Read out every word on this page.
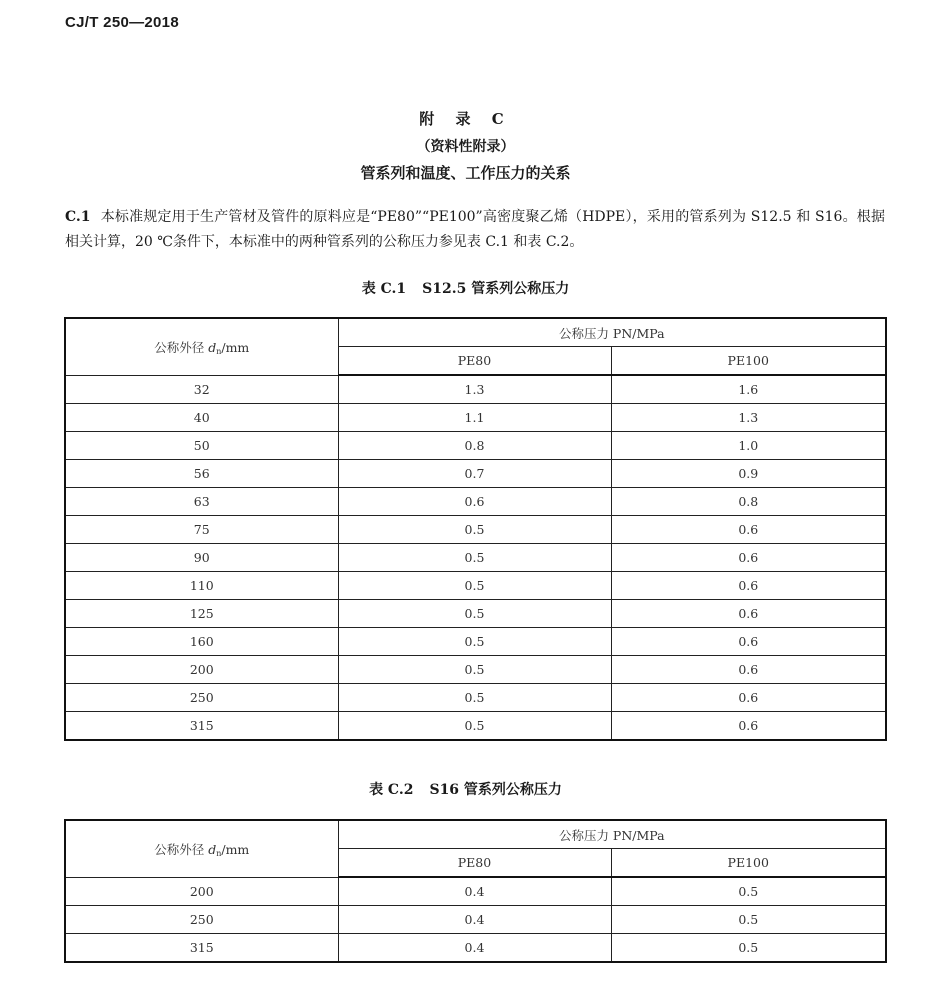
CJ/T 250—2018
附 录 C
（资料性附录）
管系列和温度、工作压力的关系
C.1 本标准规定用于生产管材及管件的原料应是“PE80”“PE100”高密度聚乙烯（HDPE），采用的管系列为 S12.5 和 S16。根据相关计算，20 ℃条件下，本标准中的两种管系列的公称压力参见表 C.1 和表 C.2。
表 C.1 S12.5 管系列公称压力
公称外径 dn/mm	公称压力 PN/MPa	
	PE80	PE100
32	1.3	1.6
40	1.1	1.3
50	0.8	1.0
56	0.7	0.9
63	0.6	0.8
75	0.5	0.6
90	0.5	0.6
110	0.5	0.6
125	0.5	0.6
160	0.5	0.6
200	0.5	0.6
250	0.5	0.6
315	0.5	0.6
表 C.2 S16 管系列公称压力
公称外径 dn/mm	公称压力 PN/MPa	
	PE80	PE100
200	0.4	0.5
250	0.4	0.5
315	0.4	0.5
